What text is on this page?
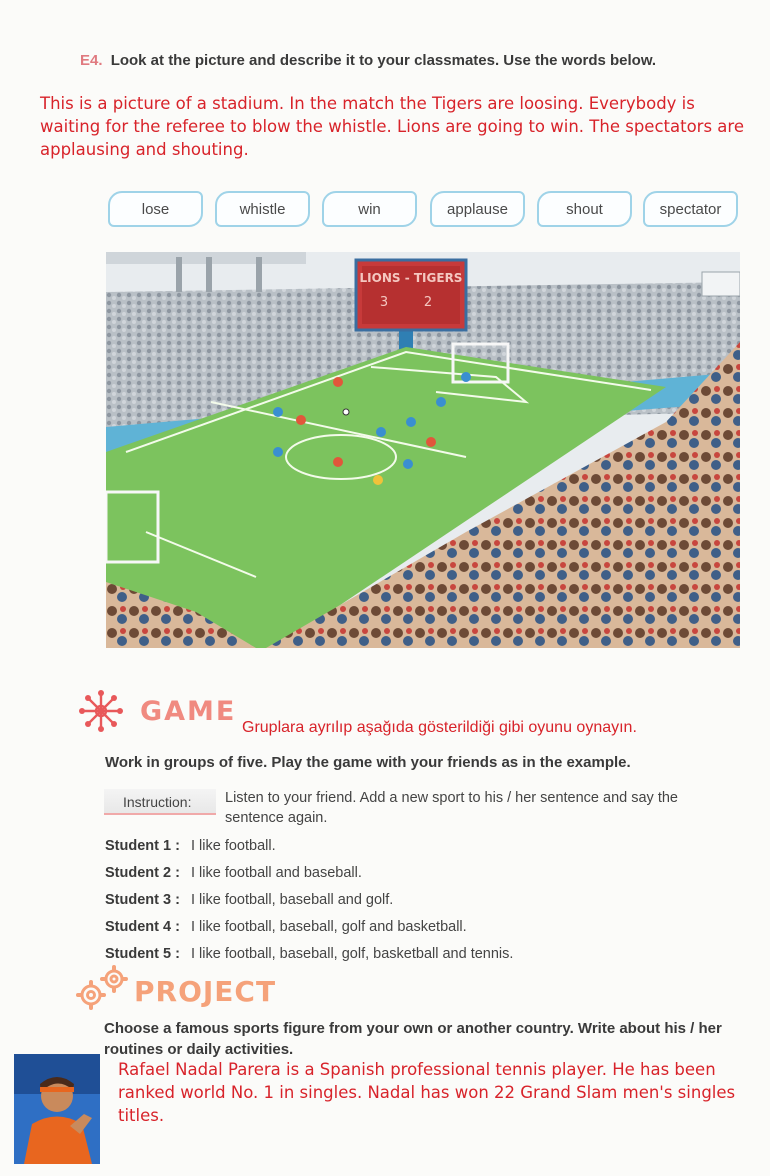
E4. Look at the picture and describe it to your classmates. Use the words below.
This is a picture of a stadium. In the match the Tigers are loosing. Everybody is waiting for the referee to blow the whistle. Lions are going to win. The spectators are applausing and shouting.
lose	whistle	win	applause	shout	spectator
LIONS - TIGERS
3	2
GAME
Gruplara ayrılıp aşağıda gösterildiği gibi oyunu oynayın.
Work in groups of five. Play the game with your friends as in the example.
Instruction: Listen to your friend. Add a new sport to his / her sentence and say the sentence again.
Student 1 : I like football.
Student 2 : I like football and baseball.
Student 3 : I like football, baseball and golf.
Student 4 : I like football, baseball, golf and basketball.
Student 5 : I like football, baseball, golf, basketball and tennis.
PROJECT
Choose a famous sports figure from your own or another country. Write about his / her routines or daily activities.
Rafael Nadal Parera is a Spanish professional tennis player. He has been ranked world No. 1 in singles. Nadal has won 22 Grand Slam men's singles titles.
